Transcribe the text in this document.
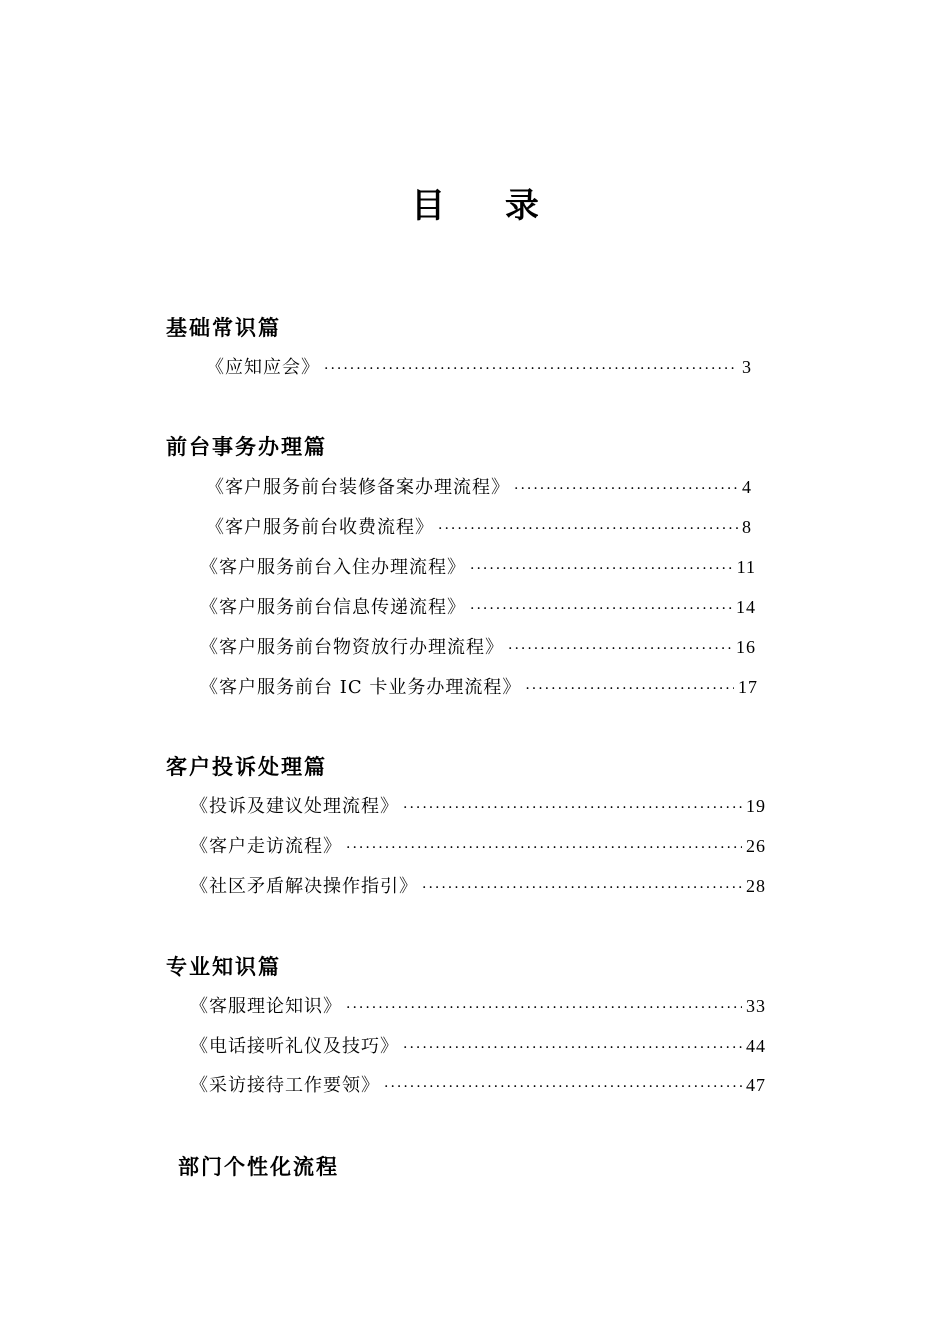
目 录
基础常识篇
《应知应会》 ·····	3
前台事务办理篇
《客户服务前台装修备案办理流程》 ·····	4
《客户服务前台收费流程》 ·····	8
《客户服务前台入住办理流程》 ·····	11
《客户服务前台信息传递流程》 ·····	14
《客户服务前台物资放行办理流程》 ·····	16
《客户服务前台 IC 卡业务办理流程》 ·····	17
客户投诉处理篇
《投诉及建议处理流程》 ·····	19
《客户走访流程》 ·····	26
《社区矛盾解决操作指引》 ·····	28
专业知识篇
《客服理论知识》 ·····	33
《电话接听礼仪及技巧》 ·····	44
《采访接待工作要领》 ·····	47
部门个性化流程
